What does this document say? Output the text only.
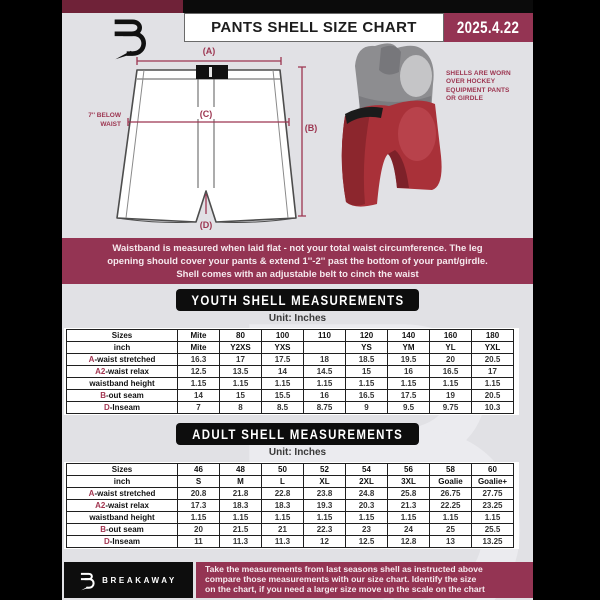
PANTS SHELL SIZE CHART 2025.4.22
(A)
(C)
(B)
(D)
7'' BELOW
WAIST
SHELLS ARE WORN
OVER HOCKEY
EQUIPMENT PANTS
OR GIRDLE
Waistband is measured when laid flat - not your total waist circumference. The leg
opening should cover your pants & extend 1''-2'' past the bottom of your pant/girdle.
Shell comes with an adjustable belt to cinch the waist
YOUTH SHELL MEASUREMENTS
Unit: Inches
Sizes	Mite	80	100	110	120	140	160	180
inch	Mite	Y2XS	YXS		YS	YM	YL	YXL
A-waist stretched	16.3	17	17.5	18	18.5	19.5	20	20.5
A2-waist relax	12.5	13.5	14	14.5	15	16	16.5	17
waistband height	1.15	1.15	1.15	1.15	1.15	1.15	1.15	1.15
B-out seam	14	15	15.5	16	16.5	17.5	19	20.5
D-Inseam	7	8	8.5	8.75	9	9.5	9.75	10.3
ADULT SHELL MEASUREMENTS
Unit: Inches
Sizes	46	48	50	52	54	56	58	60
inch	S	M	L	XL	2XL	3XL	Goalie	Goalie+
A-waist stretched	20.8	21.8	22.8	23.8	24.8	25.8	26.75	27.75
A2-waist relax	17.3	18.3	18.3	19.3	20.3	21.3	22.25	23.25
waistband height	1.15	1.15	1.15	1.15	1.15	1.15	1.15	1.15
B-out seam	20	21.5	21	22.3	23	24	25	25.5
D-Inseam	11	11.3	11.3	12	12.5	12.8	13	13.25
BREAKAWAY
Take the measurements from last seasons shell as instructed above
compare those measurements with our size chart. Identify the size
on the chart, if you need a larger size move up the scale on the chart
